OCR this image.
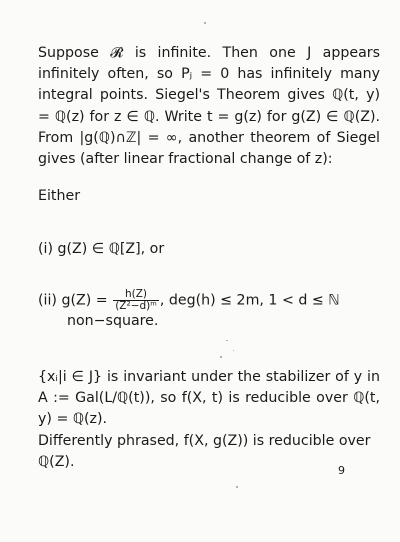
Suppose 𝓡 is infinite. Then one J appears infinitely often, so Pⱼ = 0 has infinitely many integral points. Siegel's Theorem gives ℚ(t, y) = ℚ(z) for z ∈ ℚ. Write t = g(z) for g(Z) ∈ ℚ(Z). From |g(ℚ)∩ℤ| = ∞, another theorem of Siegel gives (after linear fractional change of z):

Either

(i) g(Z) ∈ ℚ[Z], or

(ii) $g(Z) = \frac{h(Z)}{\text{(Z²−d)ᵐ}}$ , deg(h) ≤ 2m, 1 < d ≤ ℕ
non−square.
{xᵢ|i ∈ J} is invariant under the stabilizer of y in A := Gal(L/ℚ(t)), so f(X, t) is reducible over ℚ(t, y) = ℚ(z).
Differently phrased, f(X, g(Z)) is reducible over ℚ(Z).
9
